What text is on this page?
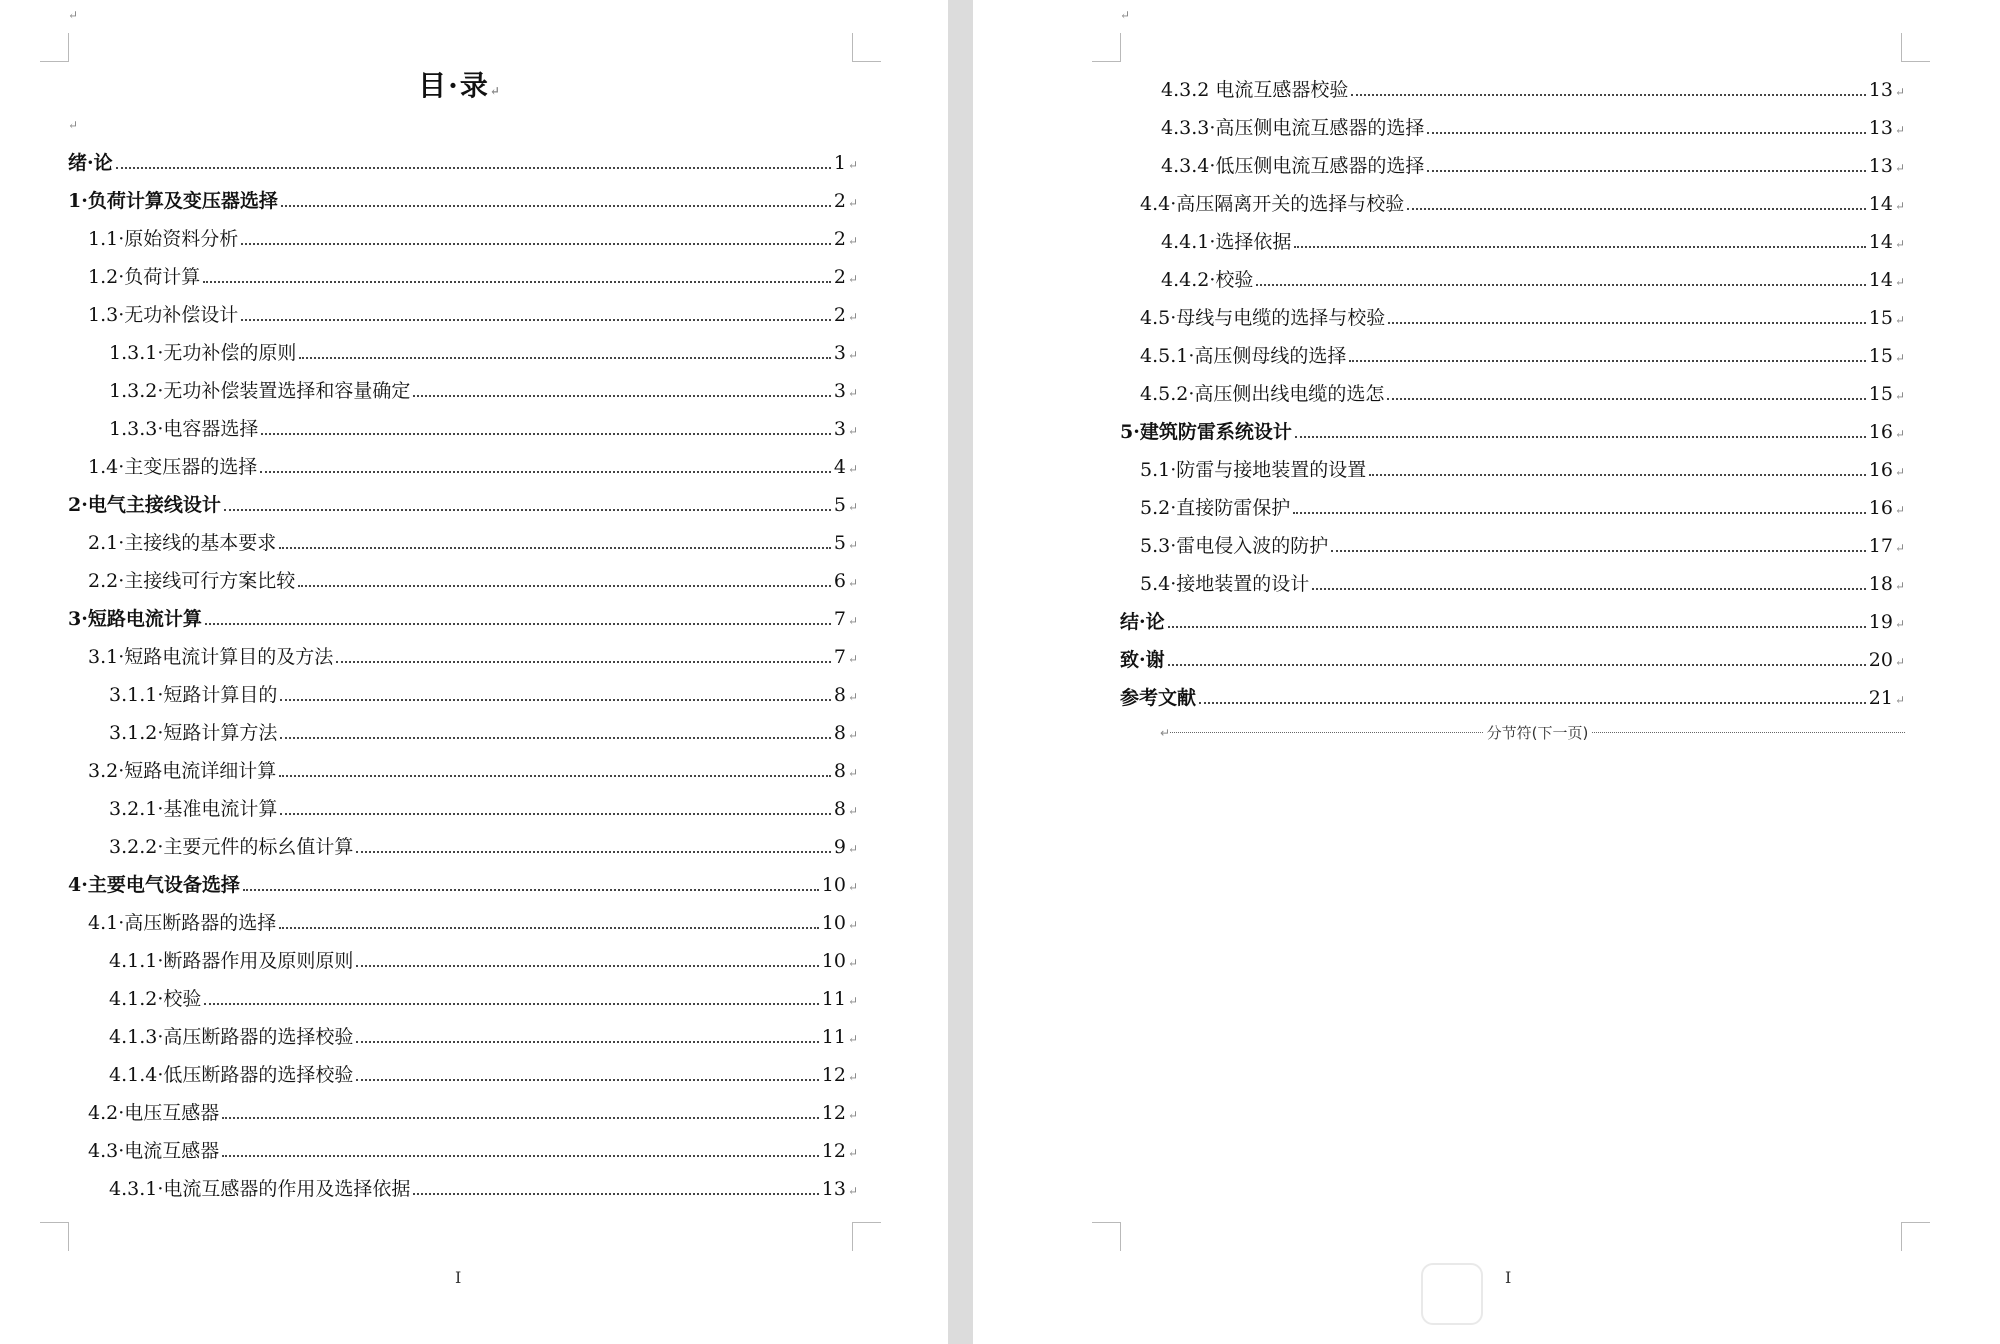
↵
↵
目·录↵
绪·论	1 ↵
1·负荷计算及变压器选择	2 ↵
1.1·原始资料分析	2 ↵
1.2·负荷计算	2 ↵
1.3·无功补偿设计	2 ↵
1.3.1·无功补偿的原则	3 ↵
1.3.2·无功补偿装置选择和容量确定	3 ↵
1.3.3·电容器选择	3 ↵
1.4·主变压器的选择	4 ↵
2·电气主接线设计	5 ↵
2.1·主接线的基本要求	5 ↵
2.2·主接线可行方案比较	6 ↵
3·短路电流计算	7 ↵
3.1·短路电流计算目的及方法	7 ↵
3.1.1·短路计算目的	8 ↵
3.1.2·短路计算方法	8 ↵
3.2·短路电流详细计算	8 ↵
3.2.1·基准电流计算	8 ↵
3.2.2·主要元件的标幺值计算	9 ↵
4·主要电气设备选择	10 ↵
4.1·高压断路器的选择	10 ↵
4.1.1·断路器作用及原则原则	10 ↵
4.1.2·校验	11 ↵
4.1.3·高压断路器的选择校验	11 ↵
4.1.4·低压断路器的选择校验	12 ↵
4.2·电压互感器	12 ↵
4.3·电流互感器	12 ↵
4.3.1·电流互感器的作用及选择依据	13 ↵
I
↵
I
4.3.2 电流互感器校验	13 ↵
4.3.3·高压侧电流互感器的选择	13 ↵
4.3.4·低压侧电流互感器的选择	13 ↵
4.4·高压隔离开关的选择与校验	14 ↵
4.4.1·选择依据	14 ↵
4.4.2·校验	14 ↵
4.5·母线与电缆的选择与校验	15 ↵
4.5.1·高压侧母线的选择	15 ↵
4.5.2·高压侧出线电缆的选怎	15 ↵
5·建筑防雷系统设计	16 ↵
5.1·防雷与接地装置的设置	16 ↵
5.2·直接防雷保护	16 ↵
5.3·雷电侵入波的防护	17 ↵
5.4·接地装置的设计	18 ↵
结·论	19 ↵
致·谢	20 ↵
参考文献	21 ↵
↵	分节符(下一页)
